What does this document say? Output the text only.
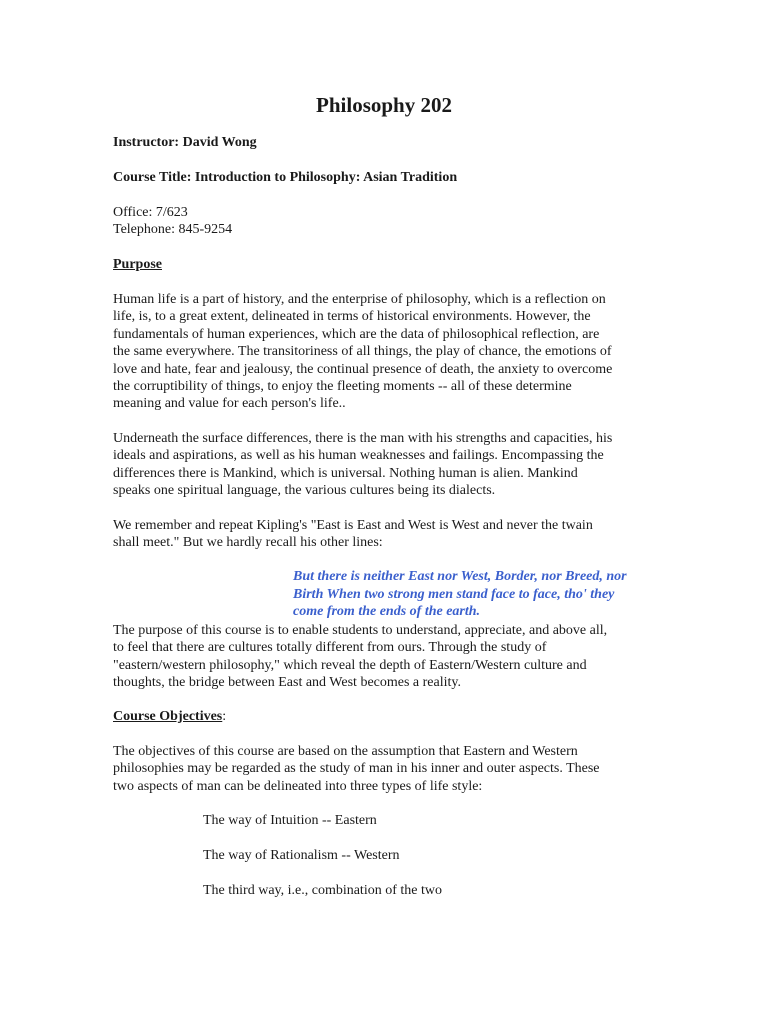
Philosophy 202
Instructor: David Wong
Course Title: Introduction to Philosophy: Asian Tradition
Office: 7/623
Telephone: 845-9254
Purpose
Human life is a part of history, and the enterprise of philosophy, which is a reflection on
life, is, to a great extent, delineated in terms of historical environments. However, the
fundamentals of human experiences, which are the data of philosophical reflection, are
the same everywhere. The transitoriness of all things, the play of chance, the emotions of
love and hate, fear and jealousy, the continual presence of death, the anxiety to overcome
the corruptibility of things, to enjoy the fleeting moments -- all of these determine
meaning and value for each person's life..
Underneath the surface differences, there is the man with his strengths and capacities, his
ideals and aspirations, as well as his human weaknesses and failings. Encompassing the
differences there is Mankind, which is universal. Nothing human is alien. Mankind
speaks one spiritual language, the various cultures being its dialects.
We remember and repeat Kipling's "East is East and West is West and never the twain
shall meet." But we hardly recall his other lines:
But there is neither East nor West, Border, nor Breed, nor
Birth When two strong men stand face to face, tho' they
come from the ends of the earth.
The purpose of this course is to enable students to understand, appreciate, and above all,
to feel that there are cultures totally different from ours. Through the study of
"eastern/western philosophy," which reveal the depth of Eastern/Western culture and
thoughts, the bridge between East and West becomes a reality.
Course Objectives:
The objectives of this course are based on the assumption that Eastern and Western
philosophies may be regarded as the study of man in his inner and outer aspects. These
two aspects of man can be delineated into three types of life style:
The way of Intuition -- Eastern
The way of Rationalism -- Western
The third way, i.e., combination of the two
